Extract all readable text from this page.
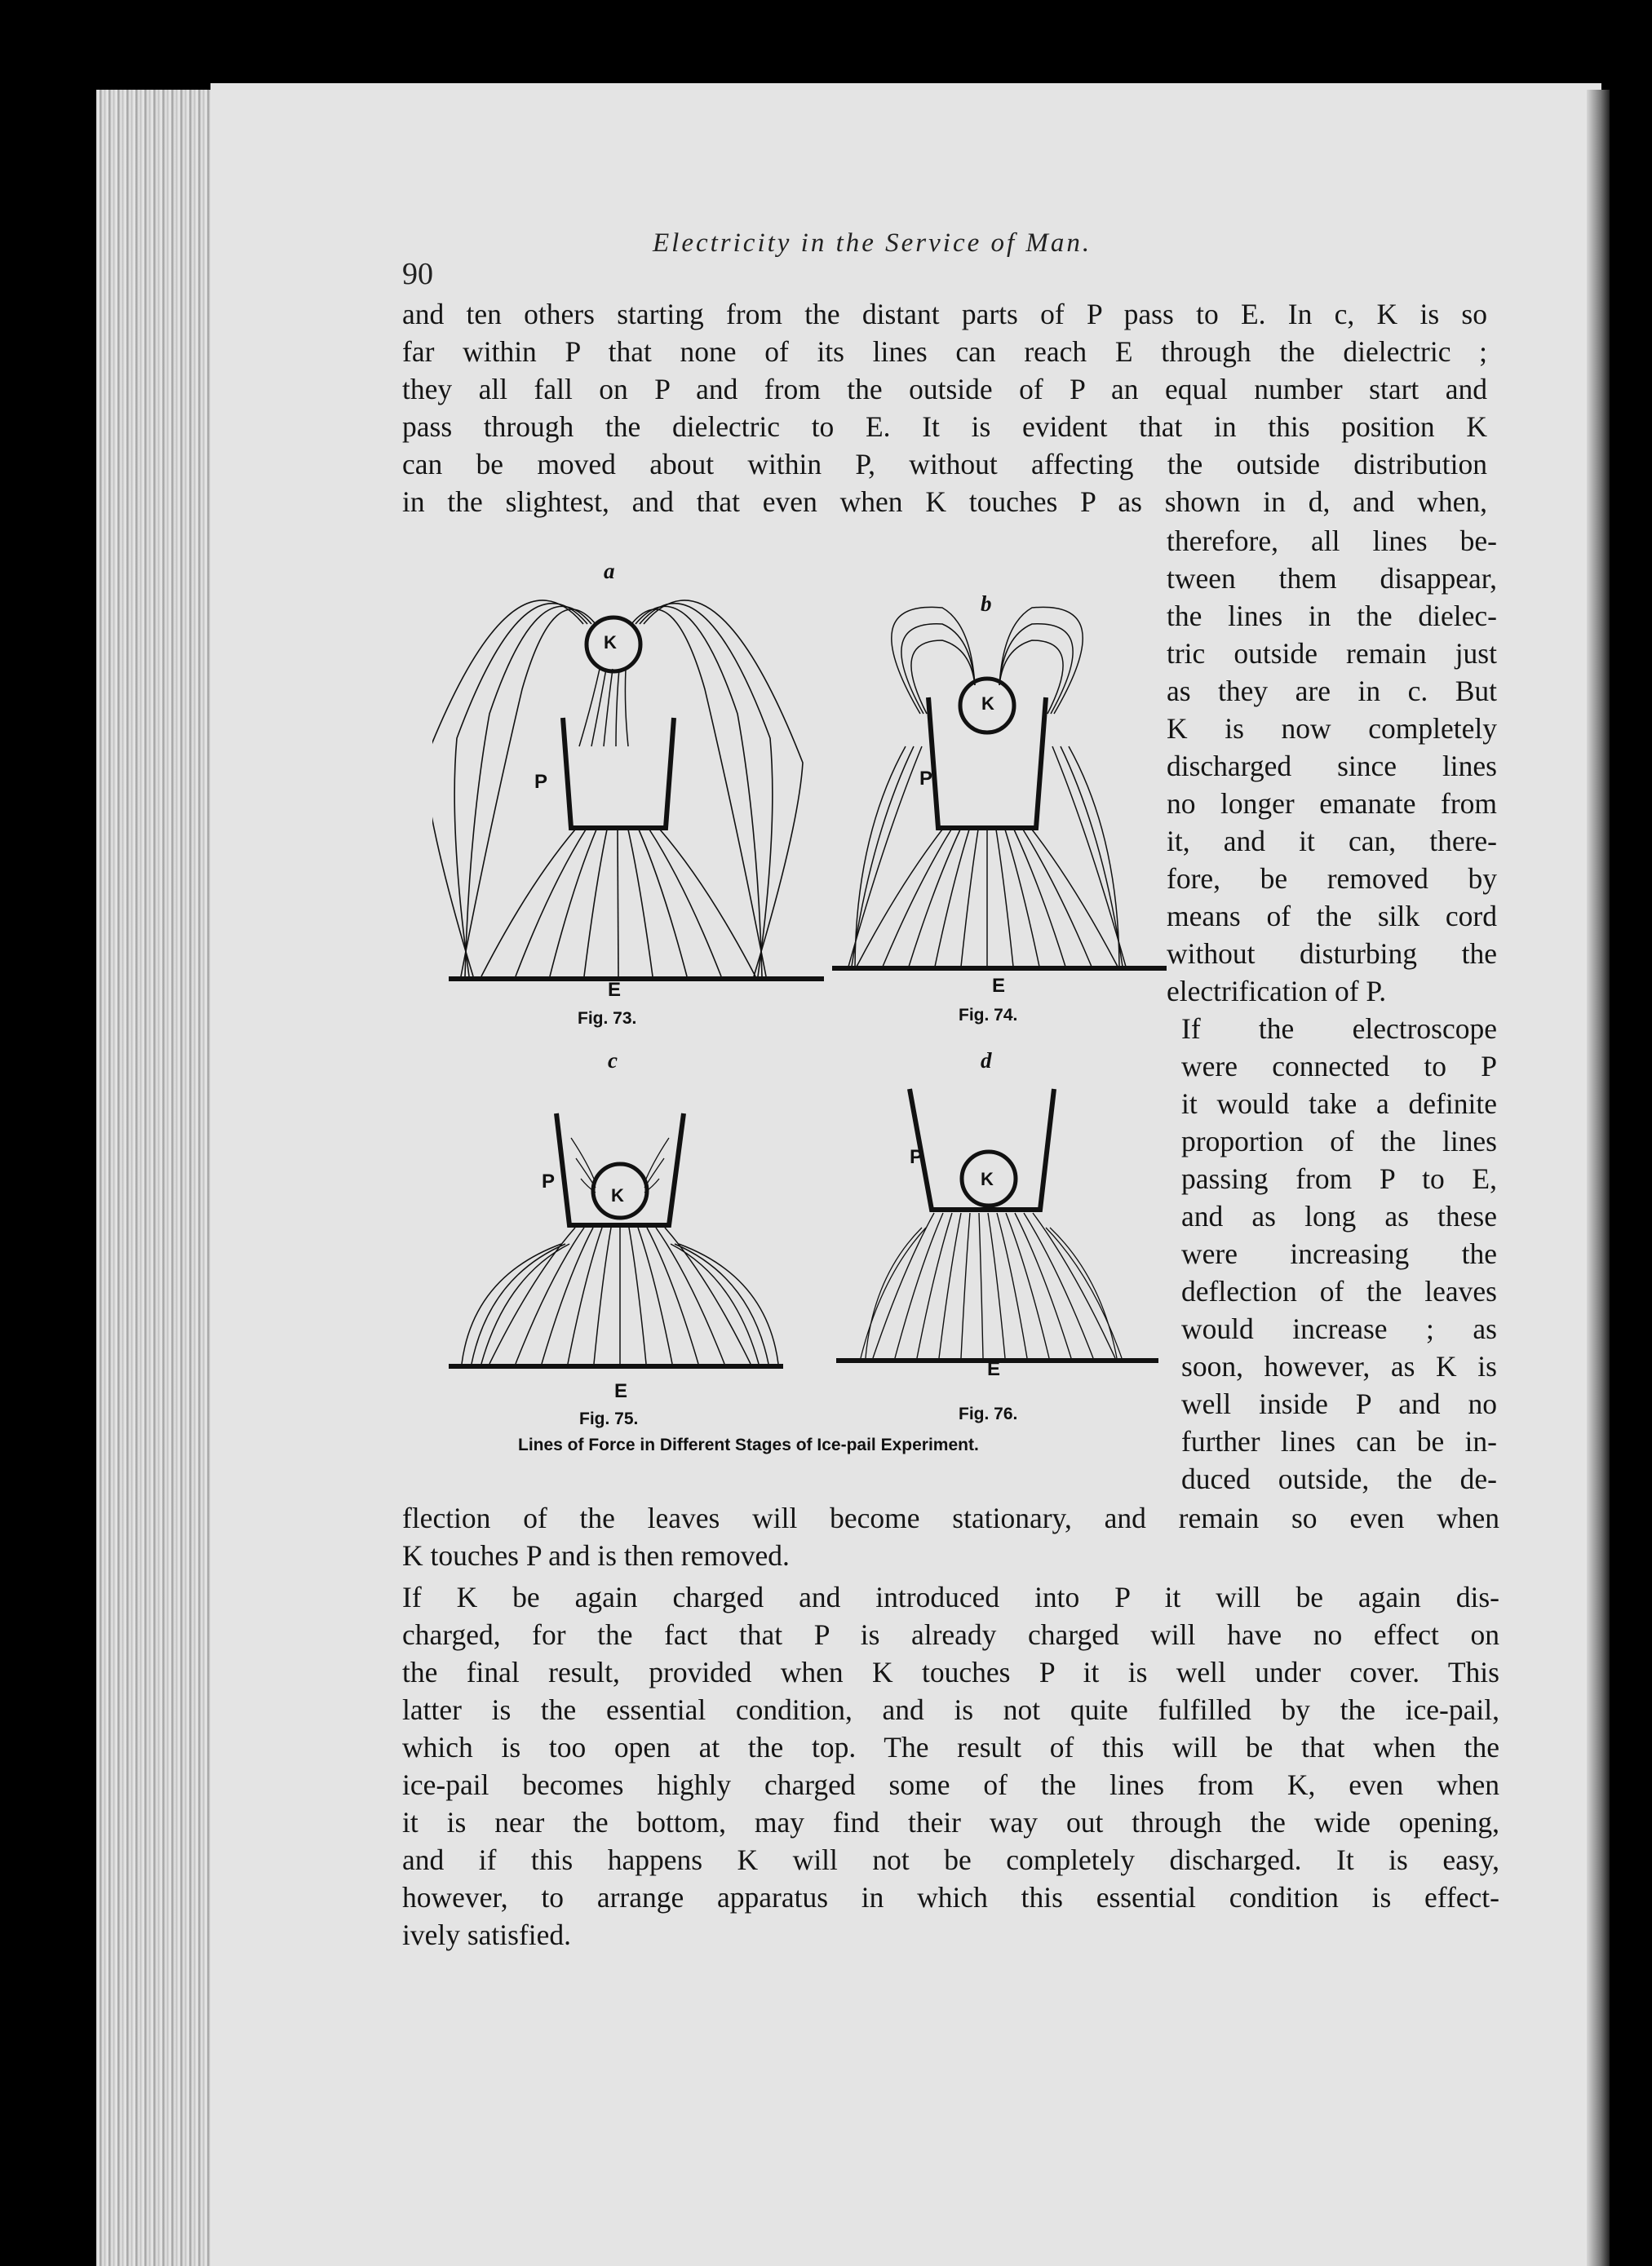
Electricity in the Service of Man.
90
and ten others starting from the distant parts of P pass to E. In c, K is so
far within P that none of its lines can reach E through the dielectric ;
they all fall on P and from the outside of P an equal number start and
pass through the dielectric to E. It is evident that in this position K
can be moved about within P, without affecting the outside distribution
in the slightest, and that even when K touches P as shown in d, and when,
therefore, all lines be-
tween them disappear,
the lines in the dielec-
tric outside remain just
as they are in c. But
K is now completely
discharged since lines
no longer emanate from
it, and it can, there-
fore, be removed by
means of the silk cord
without disturbing the
electrification of P.
If the electroscope
were connected to P
it would take a definite
proportion of the lines
passing from P to E,
and as long as these
were increasing the
deflection of the leaves
would increase ; as
soon, however, as K is
well inside P and no
further lines can be in-
duced outside, the de-
flection of the leaves will become stationary, and remain so even when
K touches P and is then removed.
If K be again charged and introduced into P it will be again dis-
charged, for the fact that P is already charged will have no effect on
the final result, provided when K touches P it is well under cover. This
latter is the essential condition, and is not quite fulfilled by the ice-pail,
which is too open at the top. The result of this will be that when the
ice-pail becomes highly charged some of the lines from K, even when
it is near the bottom, may find their way out through the wide opening,
and if this happens K will not be completely discharged. It is easy,
however, to arrange apparatus in which this essential condition is effect-
ively satisfied.
a
b
c	d
K
K
K
K
P	P
P
P
E	E
E
E
Fig. 73.	Fig. 74.
Fig. 75.	Fig. 76.
Lines of Force in Different Stages of Ice-pail Experiment.
